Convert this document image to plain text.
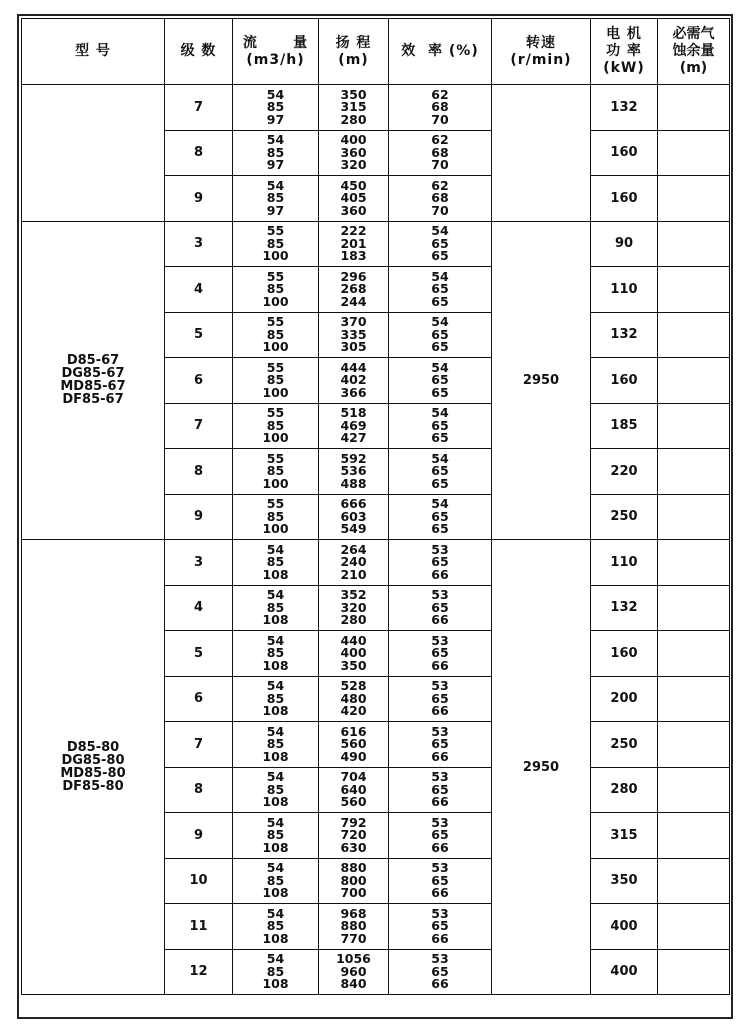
型 号	级 数	流      量
(m3/h)	扬 程
(m)	效  率 (%)	转速
(r/min)	电 机
功 率
(kW)	必需气
蚀余量
(m)

	7	54
85
97	350
315
280	62
68
70		132	
	8	54
85
97	400
360
320	62
68
70		160	
	9	54
85
97	450
405
360	62
68
70		160	

D85-67
DG85-67
MD85-67
DF85-67	3	55
85
100	222
201
183	54
65
65	2950	90	
	4	55
85
100	296
268
244	54
65
65		110	
	5	55
85
100	370
335
305	54
65
65		132	
	6	55
85
100	444
402
366	54
65
65		160	
	7	55
85
100	518
469
427	54
65
65		185	
	8	55
85
100	592
536
488	54
65
65		220	
	9	55
85
100	666
603
549	54
65
65		250	

D85-80
DG85-80
MD85-80
DF85-80	3	54
85
108	264
240
210	53
65
66	2950	110	
	4	54
85
108	352
320
280	53
65
66		132	
	5	54
85
108	440
400
350	53
65
66		160	
	6	54
85
108	528
480
420	53
65
66		200	
	7	54
85
108	616
560
490	53
65
66		250	
	8	54
85
108	704
640
560	53
65
66		280	
	9	54
85
108	792
720
630	53
65
66		315	
	10	54
85
108	880
800
700	53
65
66		350	
	11	54
85
108	968
880
770	53
65
66		400	
	12	54
85
108	1056
960
840	53
65
66		400	
